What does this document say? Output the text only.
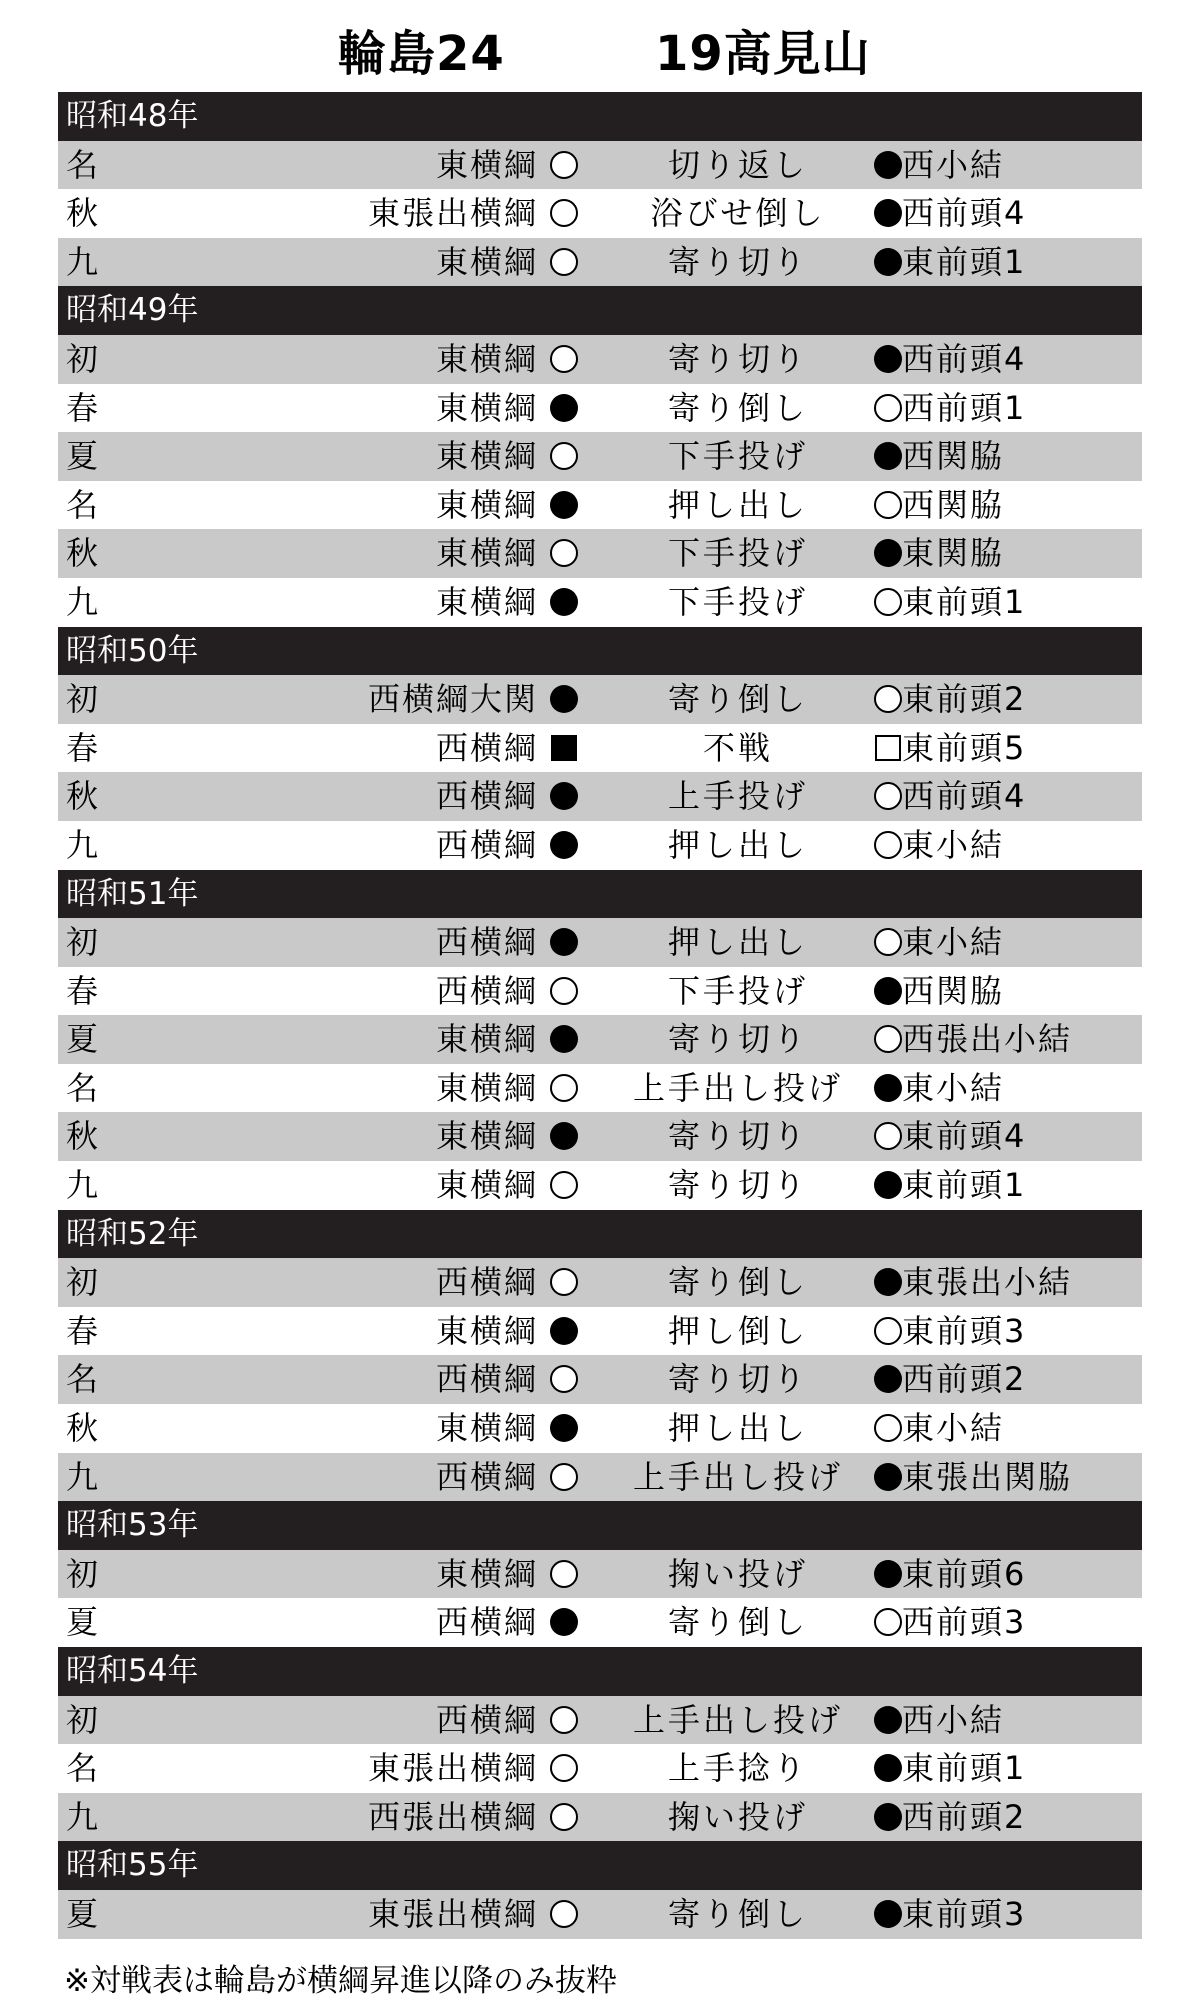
輪島24	19高見山
昭和48年
名	東横綱	切り返し	西小結
秋	東張出横綱	浴びせ倒し	西前頭4
九	東横綱	寄り切り	東前頭1
昭和49年
初	東横綱	寄り切り	西前頭4
春	東横綱	寄り倒し	西前頭1
夏	東横綱	下手投げ	西関脇
名	東横綱	押し出し	西関脇
秋	東横綱	下手投げ	東関脇
九	東横綱	下手投げ	東前頭1
昭和50年
初	西横綱大関	寄り倒し	東前頭2
春	西横綱	不戦	東前頭5
秋	西横綱	上手投げ	西前頭4
九	西横綱	押し出し	東小結
昭和51年
初	西横綱	押し出し	東小結
春	西横綱	下手投げ	西関脇
夏	東横綱	寄り切り	西張出小結
名	東横綱	上手出し投げ	東小結
秋	東横綱	寄り切り	東前頭4
九	東横綱	寄り切り	東前頭1
昭和52年
初	西横綱	寄り倒し	東張出小結
春	東横綱	押し倒し	東前頭3
名	西横綱	寄り切り	西前頭2
秋	東横綱	押し出し	東小結
九	西横綱	上手出し投げ	東張出関脇
昭和53年
初	東横綱	掬い投げ	東前頭6
夏	西横綱	寄り倒し	西前頭3
昭和54年
初	西横綱	上手出し投げ	西小結
名	東張出横綱	上手捻り	東前頭1
九	西張出横綱	掬い投げ	西前頭2
昭和55年
夏	東張出横綱	寄り倒し	東前頭3
※対戦表は輪島が横綱昇進以降のみ抜粋
